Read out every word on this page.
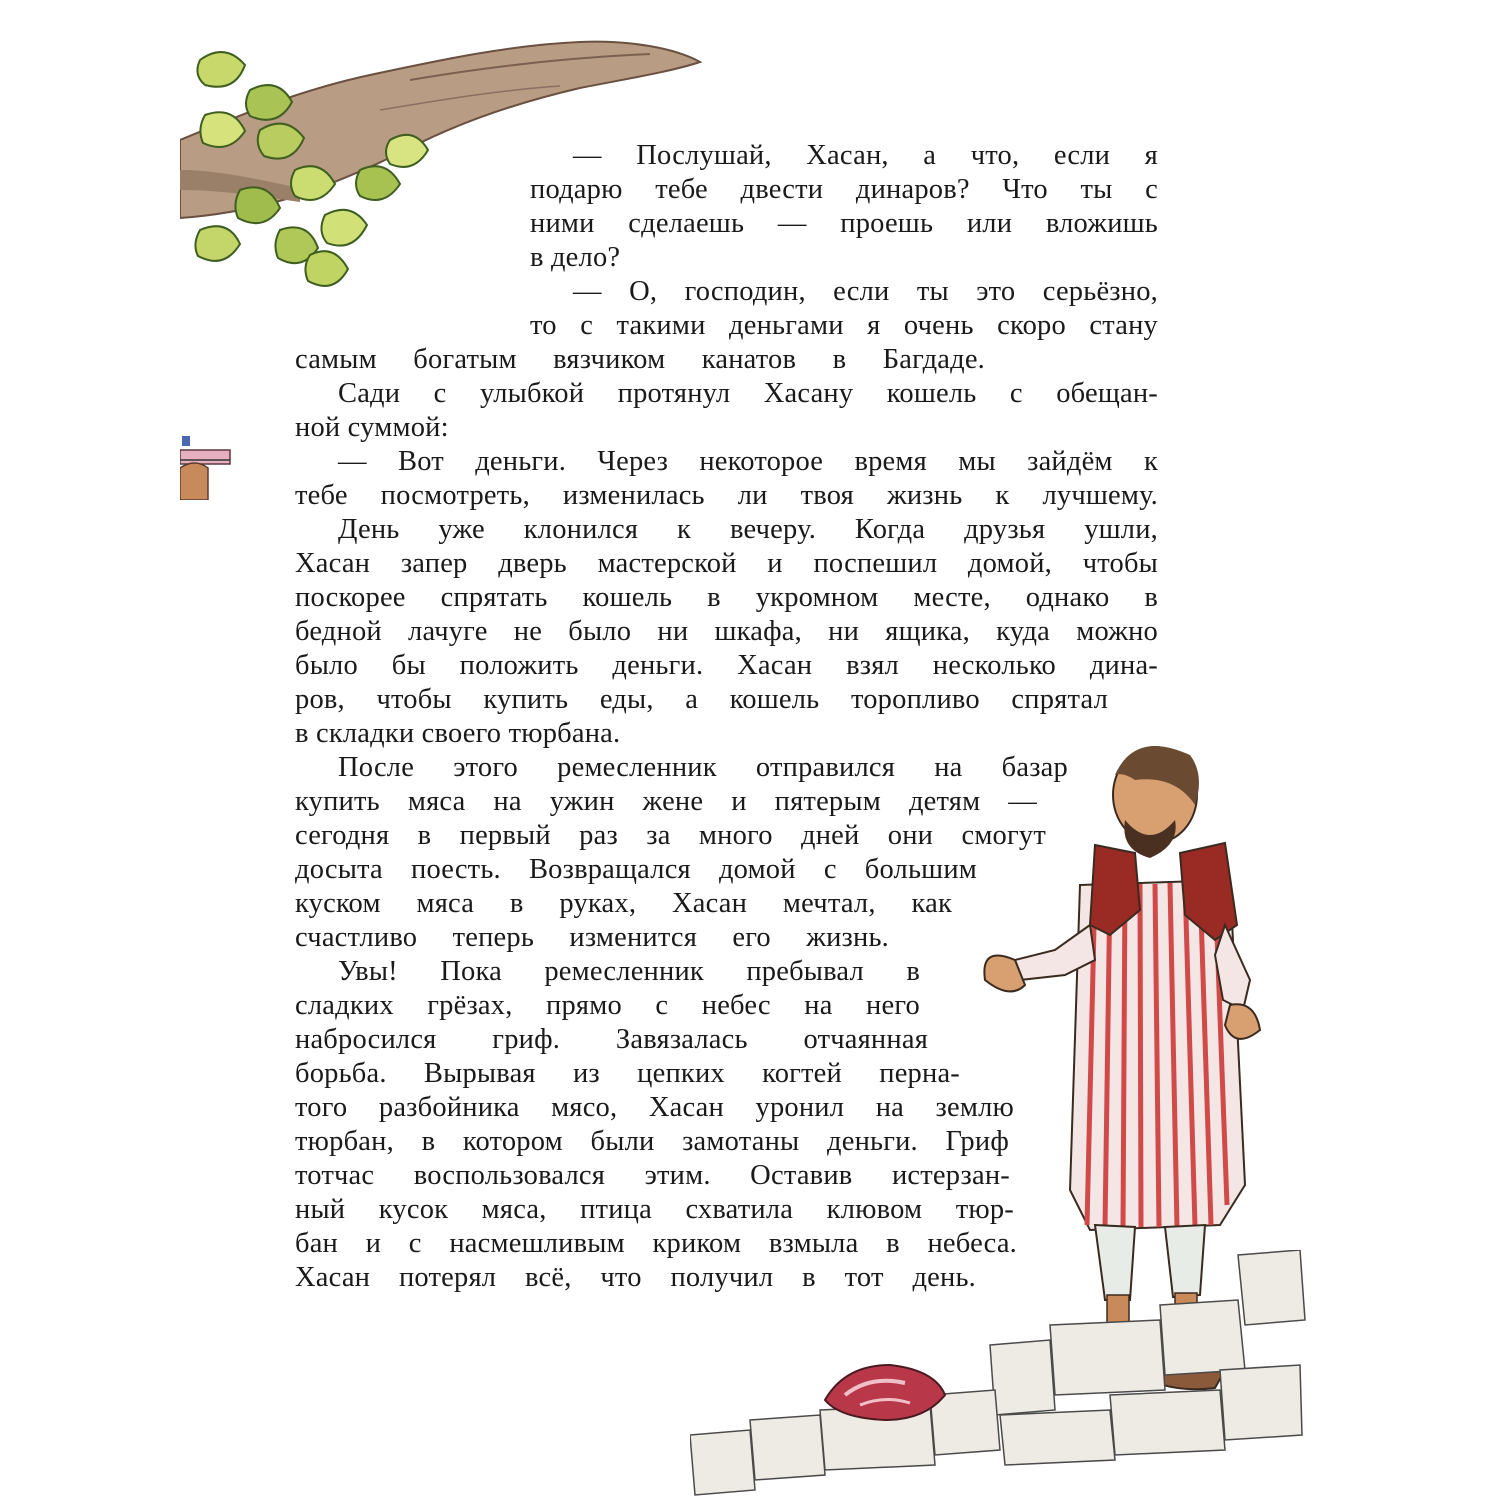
— Послушай, Хасан, а что, если я

подарю тебе двести динаров? Что ты с

ними сделаешь — проешь или вложишь

в дело?

— О, господин, если ты это серьёзно,

то с такими деньгами я очень скоро стану

самым богатым вязчиком канатов в Багдаде.

Сади с улыбкой протянул Хасану кошель с обещан-

ной суммой:

— Вот деньги. Через некоторое время мы зайдём к

тебе посмотреть, изменилась ли твоя жизнь к лучшему.

День уже клонился к вечеру. Когда друзья ушли,

Хасан запер дверь мастерской и поспешил домой, чтобы

поскорее спрятать кошель в укромном месте, однако в

бедной лачуге не было ни шкафа, ни ящика, куда можно

было бы положить деньги. Хасан взял несколько дина-

ров, чтобы купить еды, а кошель торопливо спрятал

в складки своего тюрбана.

После этого ремесленник отправился на базар

купить мяса на ужин жене и пятерым детям —

сегодня в первый раз за много дней они смогут

досыта поесть. Возвращался домой с большим

куском мяса в руках, Хасан мечтал, как

счастливо теперь изменится его жизнь.

Увы! Пока ремесленник пребывал в

сладких грёзах, прямо с небес на него

набросился гриф. Завязалась отчаянная

борьба. Вырывая из цепких когтей перна-

того разбойника мясо, Хасан уронил на землю

тюрбан, в котором были замотаны деньги. Гриф

тотчас воспользовался этим. Оставив истерзан-

ный кусок мяса, птица схватила клювом тюр-

бан и с насмешливым криком взмыла в небеса.

Хасан потерял всё, что получил в тот день.
